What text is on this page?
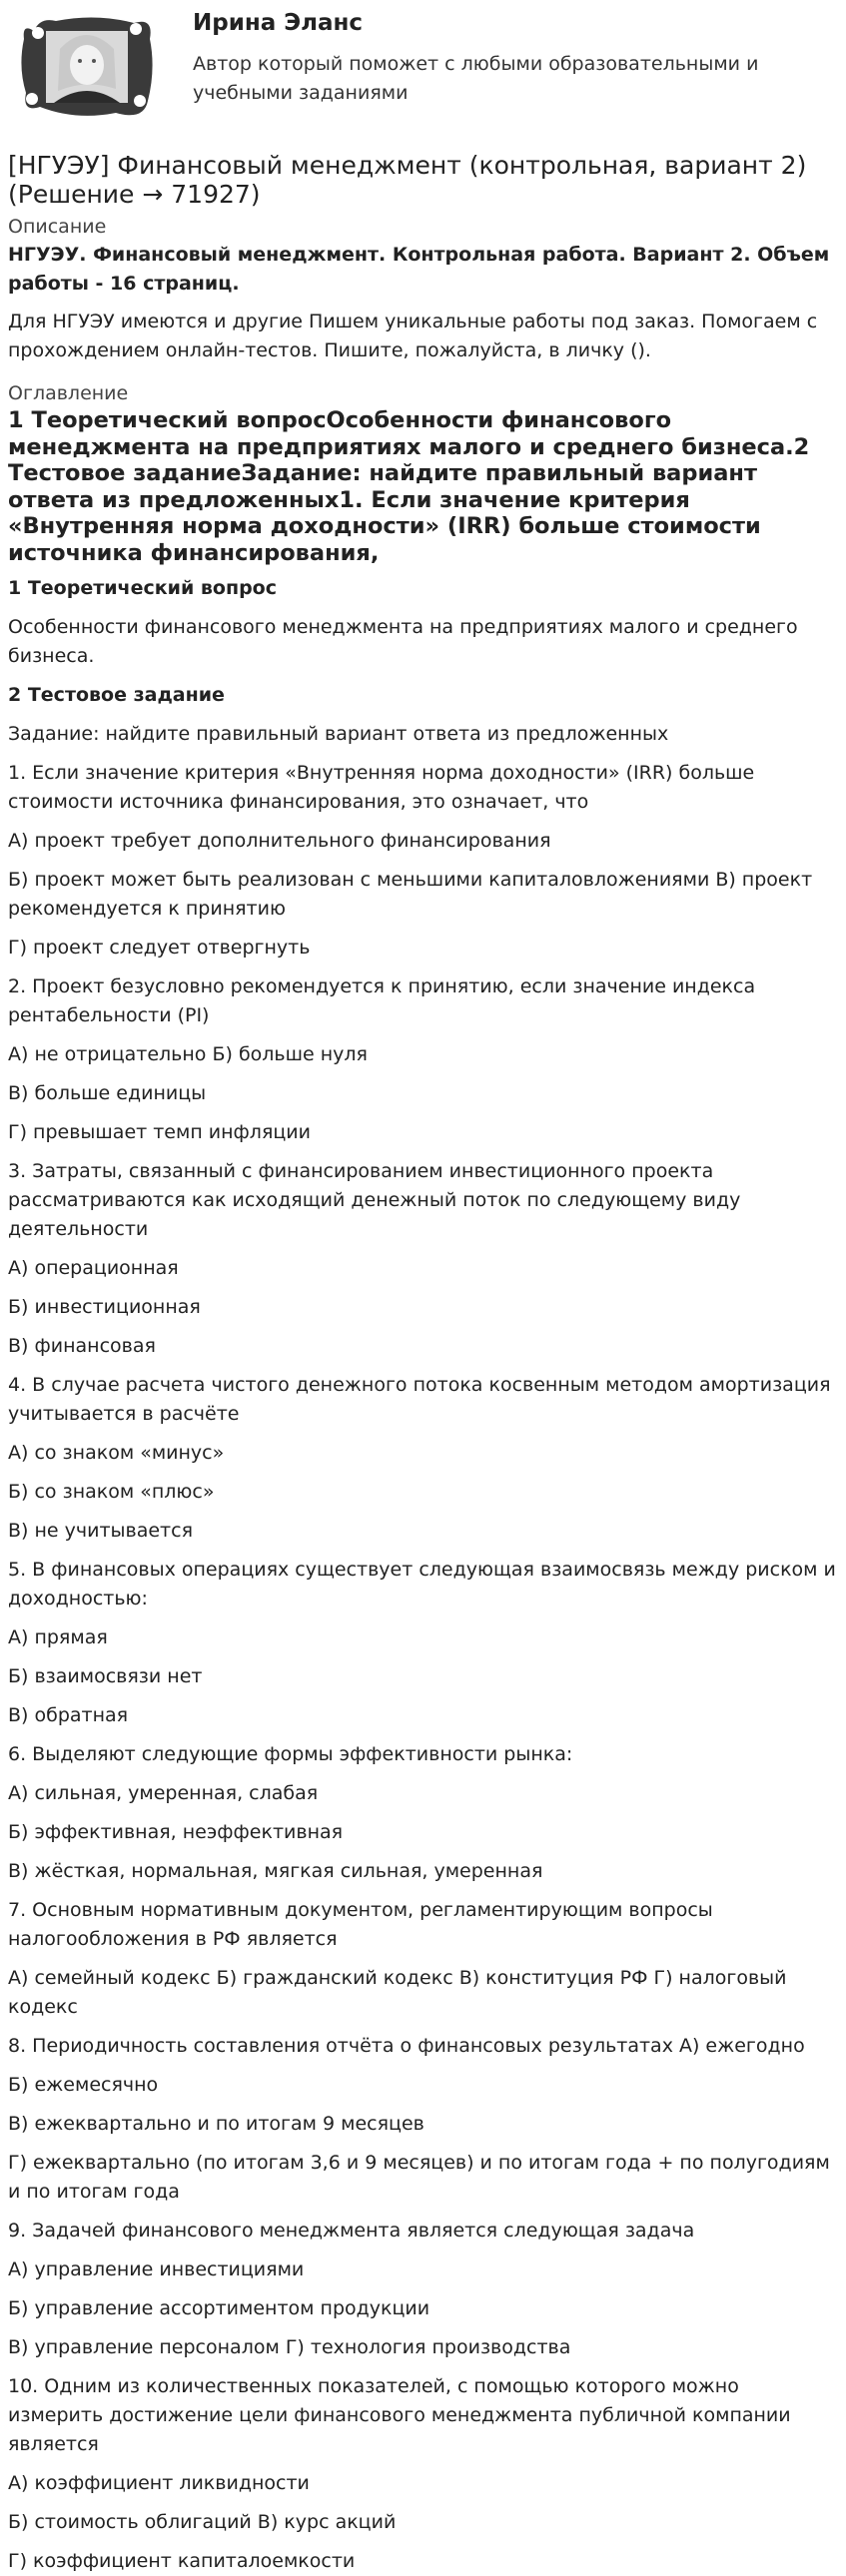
Ирина Эланс
Автор который поможет с любыми образовательными и учебными заданиями
[НГУЭУ] Финансовый менеджмент (контрольная, вариант 2) (Решение → 71927)
Описание
НГУЭУ. Финансовый менеджмент. Контрольная работа. Вариант 2. Объем работы - 16 страниц.
Для НГУЭУ имеются и другие Пишем уникальные работы под заказ. Помогаем с прохождением онлайн-тестов. Пишите, пожалуйста, в личку ().
Оглавление
1 Теоретический вопросОсобенности финансового менеджмента на предприятиях малого и среднего бизнеса.2 Тестовое заданиеЗадание: найдите правильный вариант ответа из предложенных1. Если значение критерия «Внутренняя норма доходности» (IRR) больше стоимости источника финансирования,

1 Теоретический вопрос

Особенности финансового менеджмента на предприятиях малого и среднего бизнеса.

2 Тестовое задание

Задание: найдите правильный вариант ответа из предложенных

1. Если значение критерия «Внутренняя норма доходности» (IRR) больше стоимости источника финансирования, это означает, что

А) проект требует дополнительного финансирования

Б) проект может быть реализован с меньшими капиталовложениями В) проект рекомендуется к принятию

Г) проект следует отвергнуть

2. Проект безусловно рекомендуется к принятию, если значение индекса рентабельности (PI)

А) не отрицательно Б) больше нуля

В) больше единицы

Г) превышает темп инфляции

3. Затраты, связанный с финансированием инвестиционного проекта рассматриваются как исходящий денежный поток по следующему виду деятельности

А) операционная

Б) инвестиционная

В) финансовая

4. В случае расчета чистого денежного потока косвенным методом амортизация учитывается в расчёте

А) со знаком «минус»

Б) со знаком «плюс»

В) не учитывается

5. В финансовых операциях существует следующая взаимосвязь между риском и доходностью:

А) прямая

Б) взаимосвязи нет

В) обратная

6. Выделяют следующие формы эффективности рынка:

А) сильная, умеренная, слабая

Б) эффективная, неэффективная

В) жёсткая, нормальная, мягкая сильная, умеренная

7. Основным нормативным документом, регламентирующим вопросы налогообложения в РФ является

А) семейный кодекс Б) гражданский кодекс В) конституция РФ Г) налоговый кодекс

8. Периодичность составления отчёта о финансовых результатах А) ежегодно

Б) ежемесячно

В) ежеквартально и по итогам 9 месяцев

Г) ежеквартально (по итогам 3,6 и 9 месяцев) и по итогам года + по полугодиям и по итогам года

9. Задачей финансового менеджмента является следующая задача

А) управление инвестициями

Б) управление ассортиментом продукции

В) управление персоналом Г) технология производства

10. Одним из количественных показателей, с помощью которого можно измерить достижение цели финансового менеджмента публичной компании является

А) коэффициент ликвидности

Б) стоимость облигаций В) курс акций

Г) коэффициент капиталоемкости
